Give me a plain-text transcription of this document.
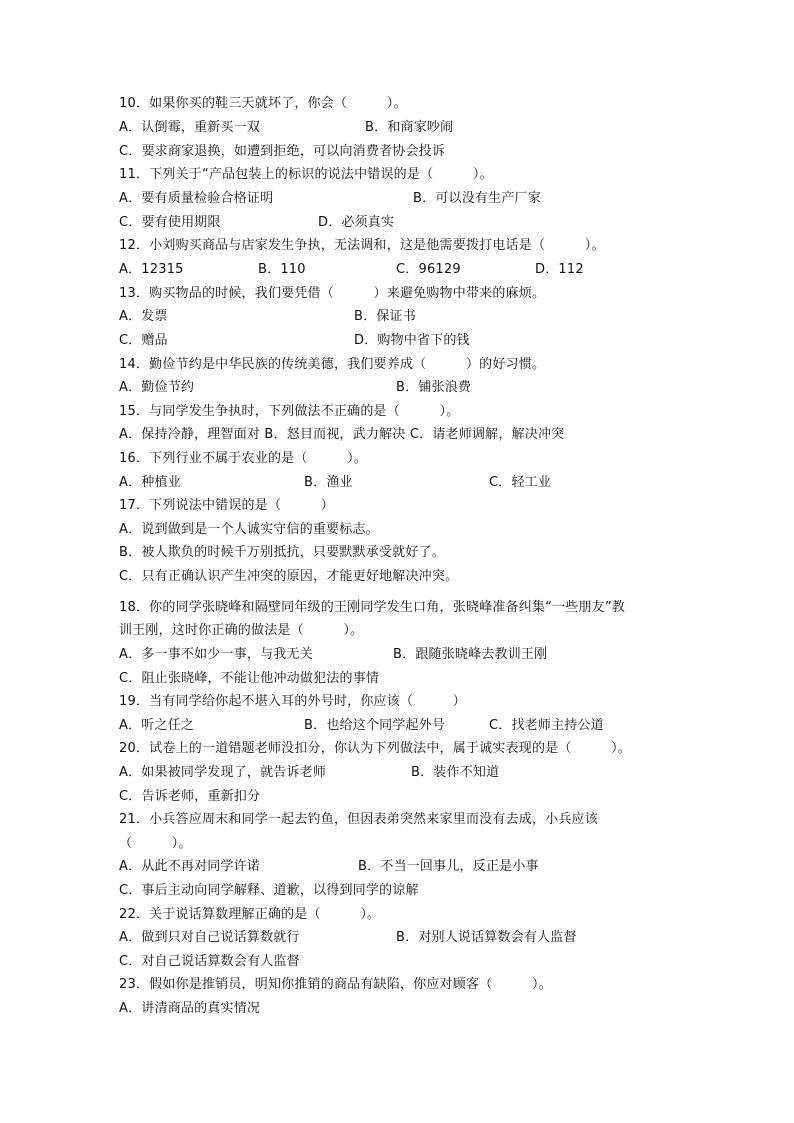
10．如果你买的鞋三天就坏了，你会（　　　）。
A．认倒霉，重新买一双	B．和商家吵闹
C．要求商家退换，如遭到拒绝，可以向消费者协会投诉
11．下列关于“产品包装上的标识的说法中错误的是（　　　）。
A．要有质量检验合格证明	B．可以没有生产厂家
C．要有使用期限	D．必须真实
12．小刘购买商品与店家发生争执，无法调和，这是他需要拨打电话是（　　　）。
A．12315	B．110	C．96129	D．112
13．购买物品的时候，我们要凭借（　　　）来避免购物中带来的麻烦。
A．发票	B．保证书
C．赠品	D．购物中省下的钱
14．勤俭节约是中华民族的传统美德，我们要养成（　　　）的好习惯。
A．勤俭节约	B．铺张浪费
15．与同学发生争执时，下列做法不正确的是（　　　）。
A．保持冷静，理智面对 B．怒目而视，武力解决 C．请老师调解，解决冲突
16．下列行业不属于农业的是（　　　）。
A．种植业	B．渔业	C．轻工业
17．下列说法中错误的是（　　　）
A．说到做到是一个人诚实守信的重要标志。
B．被人欺负的时候千万别抵抗，只要默默承受就好了。
C．只有正确认识产生冲突的原因，才能更好地解决冲突。
18．你的同学张晓峰和隔壁同年级的王刚同学发生口角，张晓峰准备纠集“一些朋友”教
训王刚，这时你正确的做法是（　　　）。
A．多一事不如少一事，与我无关	B．跟随张晓峰去教训王刚
C．阻止张晓峰，不能让他冲动做犯法的事情
19．当有同学给你起不堪入耳的外号时，你应该（　　　）
A．听之任之	B．也给这个同学起外号	C．找老师主持公道
20．试卷上的一道错题老师没扣分，你认为下列做法中，属于诚实表现的是（　　　）。
A．如果被同学发现了，就告诉老师	B．装作不知道
C．告诉老师，重新扣分
21．小兵答应周末和同学一起去钓鱼，但因表弟突然来家里而没有去成，小兵应该
（　　　）。
A．从此不再对同学许诺	B．不当一回事儿，反正是小事
C．事后主动向同学解释、道歉，以得到同学的谅解
22．关于说话算数理解正确的是（　　　）。
A．做到只对自己说话算数就行	B．对别人说话算数会有人监督
C．对自己说话算数会有人监督
23．假如你是推销员，明知你推销的商品有缺陷，你应对顾客（　　　）。
A．讲清商品的真实情况
